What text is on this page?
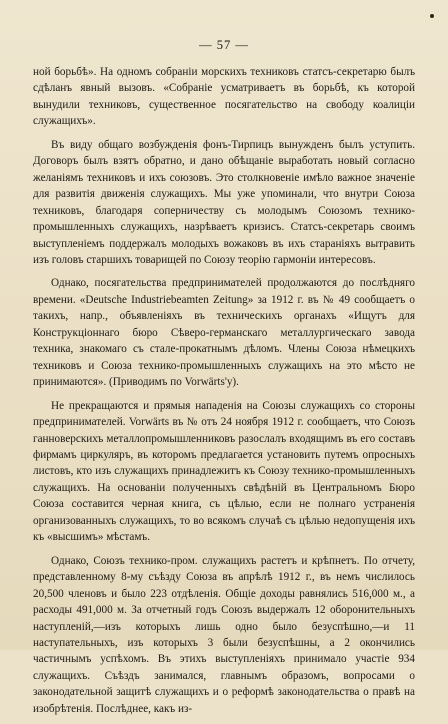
— 57 —

ной борьбѣ». На одномъ собраніи морскихъ техниковъ статсъ-секретарю былъ сдѣланъ явный вызовъ. «Собраніе усматриваетъ въ борьбѣ, къ которой вынудили техниковъ, существенное посягательство на свободу коалиціи служащихъ».

Въ виду общаго возбужденія фонъ-Тирпицъ вынужденъ былъ уступить. Договоръ былъ взятъ обратно, и дано обѣщаніе выработать новый согласно желаніямъ техниковъ и ихъ союзовъ. Это столкновеніе имѣло важное значеніе для развитія движенія служащихъ. Мы уже упоминали, что внутри Союза техниковъ, благодаря соперничеству съ молодымъ Союзомъ технико-промышленныхъ служащихъ, назрѣваетъ кризисъ. Статсъ-секретарь своимъ выступленіемъ поддержалъ молодыхъ вожаковъ въ ихъ стараніяхъ вытравить изъ головъ старшихъ товарищей по Союзу теорію гармоніи интересовъ.

Однако, посягательства предпринимателей продолжаются до послѣдняго времени. «Deutsche Industriebeamten Zeitung» за 1912 г. въ № 49 сообщаетъ о такихъ, напр., объявленіяхъ въ техническихъ органахъ «Ищутъ для Конструкціоннаго бюро Сѣверо-германскаго металлургическаго завода техника, знакомаго съ стале-прокатнымъ дѣломъ. Члены Союза нѣмецкихъ техниковъ и Союза технико-промышленныхъ служащихъ на это мѣсто не принимаются». (Приводимъ по Vorwärts'y).

Не прекращаются и прямыя нападенія на Союзы служащихъ со стороны предпринимателей. Vorwärts въ № отъ 24 ноября 1912 г. сообщаетъ, что Союзъ ганноверскихъ металлопромышленниковъ разослалъ входящимъ въ его составъ фирмамъ циркуляръ, въ которомъ предлагается установить путемъ опросныхъ листовъ, кто изъ служащихъ принадлежитъ къ Союзу технико-промышленныхъ служащихъ. На основаніи полученныхъ свѣдѣній въ Центральномъ Бюро Союза составится черная книга, съ цѣлью, если не полнаго устраненія организованныхъ служащихъ, то во всякомъ случаѣ съ цѣлью недопущенія ихъ къ «высшимъ» мѣстамъ.

Однако, Союзъ технико-пром. служащихъ растетъ и крѣпнетъ. По отчету, представленному 8-му съѣзду Союза въ апрѣлѣ 1912 г., въ немъ числилось 20,500 членовъ и было 223 отдѣленія. Общіе доходы равнялись 516,000 м., а расходы 491,000 м. За отчетный годъ Союзъ выдержалъ 12 оборонительныхъ наступленій,—изъ которыхъ лишь одно было безуспѣшно,—и 11 наступательныхъ, изъ которыхъ 3 были безуспѣшны, а 2 окончились частичнымъ успѣхомъ. Въ этихъ выступленіяхъ принимало участіе 934 служащихъ. Съѣздъ занимался, главнымъ образомъ, вопросами о законодательной защитѣ служащихъ и о реформѣ законодательства о правѣ на изобрѣтенія. Послѣднее, какъ из-
